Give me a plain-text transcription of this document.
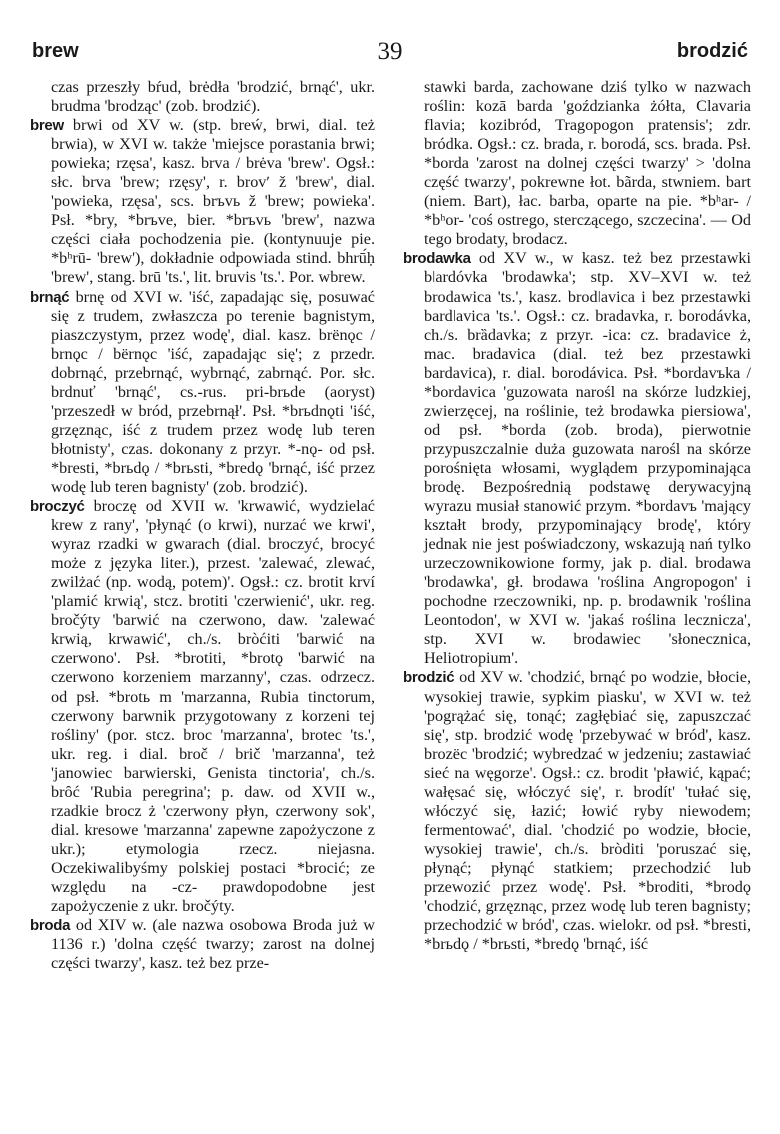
brew	39	brodzić

czas przeszły bŕud, brėdła 'brodzić, brnąć', ukr. brudma 'brodząc' (zob. brodzić).

brew brwi od XV w. (stp. breẃ, brwi, dial. też brwia), w XVI w. także 'miejsce porastania brwi; powieka; rzęsa', kasz. brva / brėva 'brew'. Ogsł.: słc. brva 'brew; rzęsy', r. brovʹ ž 'brew', dial. 'powieka, rzęsa', scs. brъvь ž 'brew; powieka'. Psł. *bry, *brъve, bier. *brъvь 'brew', nazwa części ciała pochodzenia pie. (kontynuuje pie. *bʰrū- 'brew'), dokładnie odpowiada stind. bhrū́ḥ 'brew', stang. brū 'ts.', lit. bruvis 'ts.'. Por. wbrew.

brnąć brnę od XVI w. 'iść, zapadając się, posuwać się z trudem, zwłaszcza po terenie bagnistym, piaszczystym, przez wodę', dial. kasz. brënǫc / brnǫc / bërnǫc 'iść, zapadając się'; z przedr. dobrnąć, przebrnąć, wybrnąć, zabrnąć. Por. słc. brdnuť 'brnąć', cs.-rus. pri-brьde (aoryst) 'przeszedł w bród, przebrnął'. Psł. *brьdnǫti 'iść, grzęznąc, iść z trudem przez wodę lub teren błotnisty', czas. dokonany z przyr. *-nǫ- od psł. *bresti, *brьdǫ / *brьsti, *bredǫ 'brnąć, iść przez wodę lub teren bagnisty' (zob. brodzić).

broczyć broczę od XVII w. 'krwawić, wydzielać krew z rany', 'płynąć (o krwi), nurzać we krwi', wyraz rzadki w gwarach (dial. broczyć, brocyć może z języka liter.), przest. 'zalewać, zlewać, zwilżać (np. wodą, potem)'. Ogsł.: cz. brotit krví 'plamić krwią', stcz. brotiti 'czerwienić', ukr. reg. bročýty 'barwić na czerwono, daw. 'zalewać krwią, krwawić', ch./s. bròćiti 'barwić na czerwono'. Psł. *brotiti, *brotǫ 'barwić na czerwono korzeniem marzanny', czas. odrzecz. od psł. *brotь m 'marzanna, Rubia tinctorum, czerwony barwnik przygotowany z korzeni tej rośliny' (por. stcz. broc 'marzanna', brotec 'ts.', ukr. reg. i dial. broč / brič 'marzanna', też 'janowiec barwierski, Genista tinctoria', ch./s. brȏć 'Rubia peregrina'; p. daw. od XVII w., rzadkie brocz ż 'czerwony płyn, czerwony sok', dial. kresowe 'marzanna' zapewne zapożyczone z ukr.); etymologia rzecz. niejasna. Oczekiwalibyśmy polskiej postaci *brocić; ze względu na -cz- prawdopodobne jest zapożyczenie z ukr. bročýty.

broda od XIV w. (ale nazwa osobowa Broda już w 1136 r.) 'dolna część twarzy; zarost na dolnej części twarzy', kasz. też bez prze-

stawki barda, zachowane dziś tylko w nazwach roślin: kozā barda 'goździanka żółta, Clavaria flavia; kozibród, Tragopogon pratensis'; zdr. bródka. Ogsł.: cz. brada, r. borodá, scs. brada. Psł. *borda 'zarost na dolnej części twarzy' > 'dolna część twarzy', pokrewne łot. bãrda, stwniem. bart (niem. Bart), łac. barba, oparte na pie. *bʰar- / *bʰor- 'coś ostrego, sterczącego, szczecina'. — Od tego brodaty, brodacz.

brodawka od XV w., w kasz. też bez przestawki bǀardóvka 'brodawka'; stp. XV–XVI w. też brodawica 'ts.', kasz. brodǀavica i bez przestawki bardǀavica 'ts.'. Ogsł.: cz. bradavka, r. borodávka, ch./s. brȁdavka; z przyr. -ica: cz. bradavice ż, mac. bradavica (dial. też bez przestawki bardavica), r. dial. borodávica. Psł. *bordavъka / *bordavica 'guzowata narośl na skórze ludzkiej, zwierzęcej, na roślinie, też brodawka piersiowa', od psł. *borda (zob. broda), pierwotnie przypuszczalnie duża guzowata narośl na skórze porośnięta włosami, wyglądem przypominająca brodę. Bezpośrednią podstawę derywacyjną wyrazu musiał stanowić przym. *bordavъ 'mający kształt brody, przypominający brodę', który jednak nie jest poświadczony, wskazują nań tylko urzeczownikowione formy, jak p. dial. brodawa 'brodawka', gł. brodawa 'roślina Angropogon' i pochodne rzeczowniki, np. p. brodawnik 'roślina Leontodon', w XVI w. 'jakaś roślina lecznicza', stp. XVI w. brodawiec 'słonecznica, Heliotropium'.

brodzić od XV w. 'chodzić, brnąć po wodzie, błocie, wysokiej trawie, sypkim piasku', w XVI w. też 'pogrążać się, tonąć; zagłębiać się, zapuszczać się', stp. brodzić wodę 'przebywać w bród', kasz. brozëc 'brodzić; wybredzać w jedzeniu; zastawiać sieć na węgorze'. Ogsł.: cz. brodit 'pławić, kąpać; wałęsać się, włóczyć się', r. brodít' 'tułać się, włóczyć się, łazić; łowić ryby niewodem; fermentować', dial. 'chodzić po wodzie, błocie, wysokiej trawie', ch./s. bròditi 'poruszać się, płynąć; płynąć statkiem; przechodzić lub przewozić przez wodę'. Psł. *broditi, *brodǫ 'chodzić, grzęznąc, przez wodę lub teren bagnisty; przechodzić w bród', czas. wielokr. od psł. *bresti, *brьdǫ / *brьsti, *bredǫ 'brnąć, iść
